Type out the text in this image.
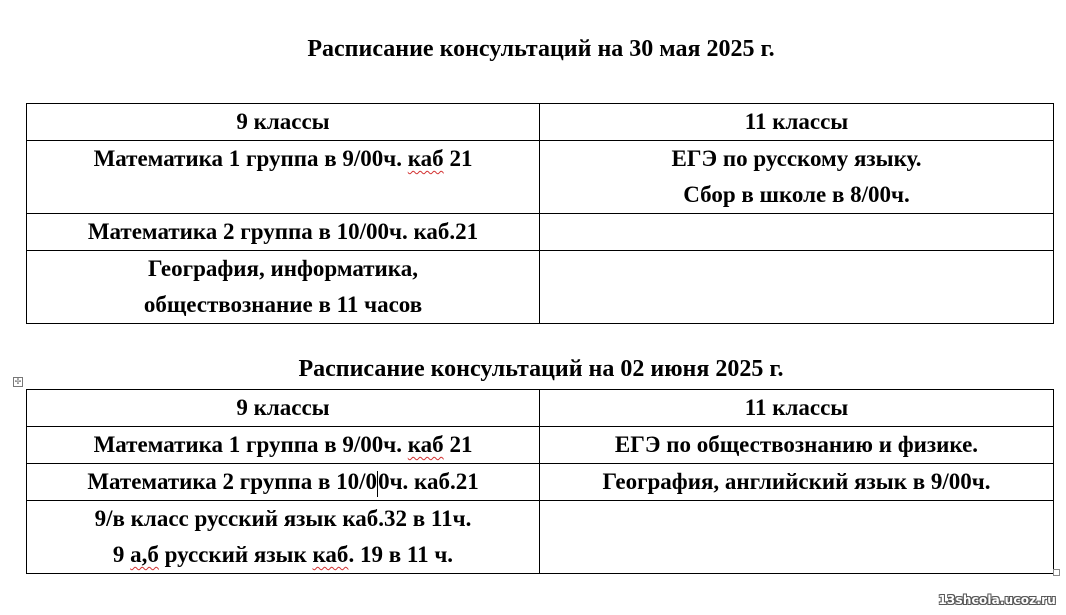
Расписание консультаций на 30 мая 2025 г.
9 классы	11 классы
Математика 1 группа в 9/00ч. каб 21	ЕГЭ по русскому языку.
Сбор в школе в 8/00ч.

Математика 2 группа в 10/00ч. каб.21	

География, информатика,
обществознание в 11 часов	

Расписание консультаций на 02 июня 2025 г.
✢
9 классы	11 классы
Математика 1 группа в 9/00ч. каб 21	ЕГЭ по обществознанию и физике.
Математика 2 группа в 10/00ч. каб.21	География, английский язык в 9/00ч.

9/в класс русский язык каб.32 в 11ч.
9 а,б русский язык каб. 19 в 11 ч.	

13shcola.ucoz.ru
